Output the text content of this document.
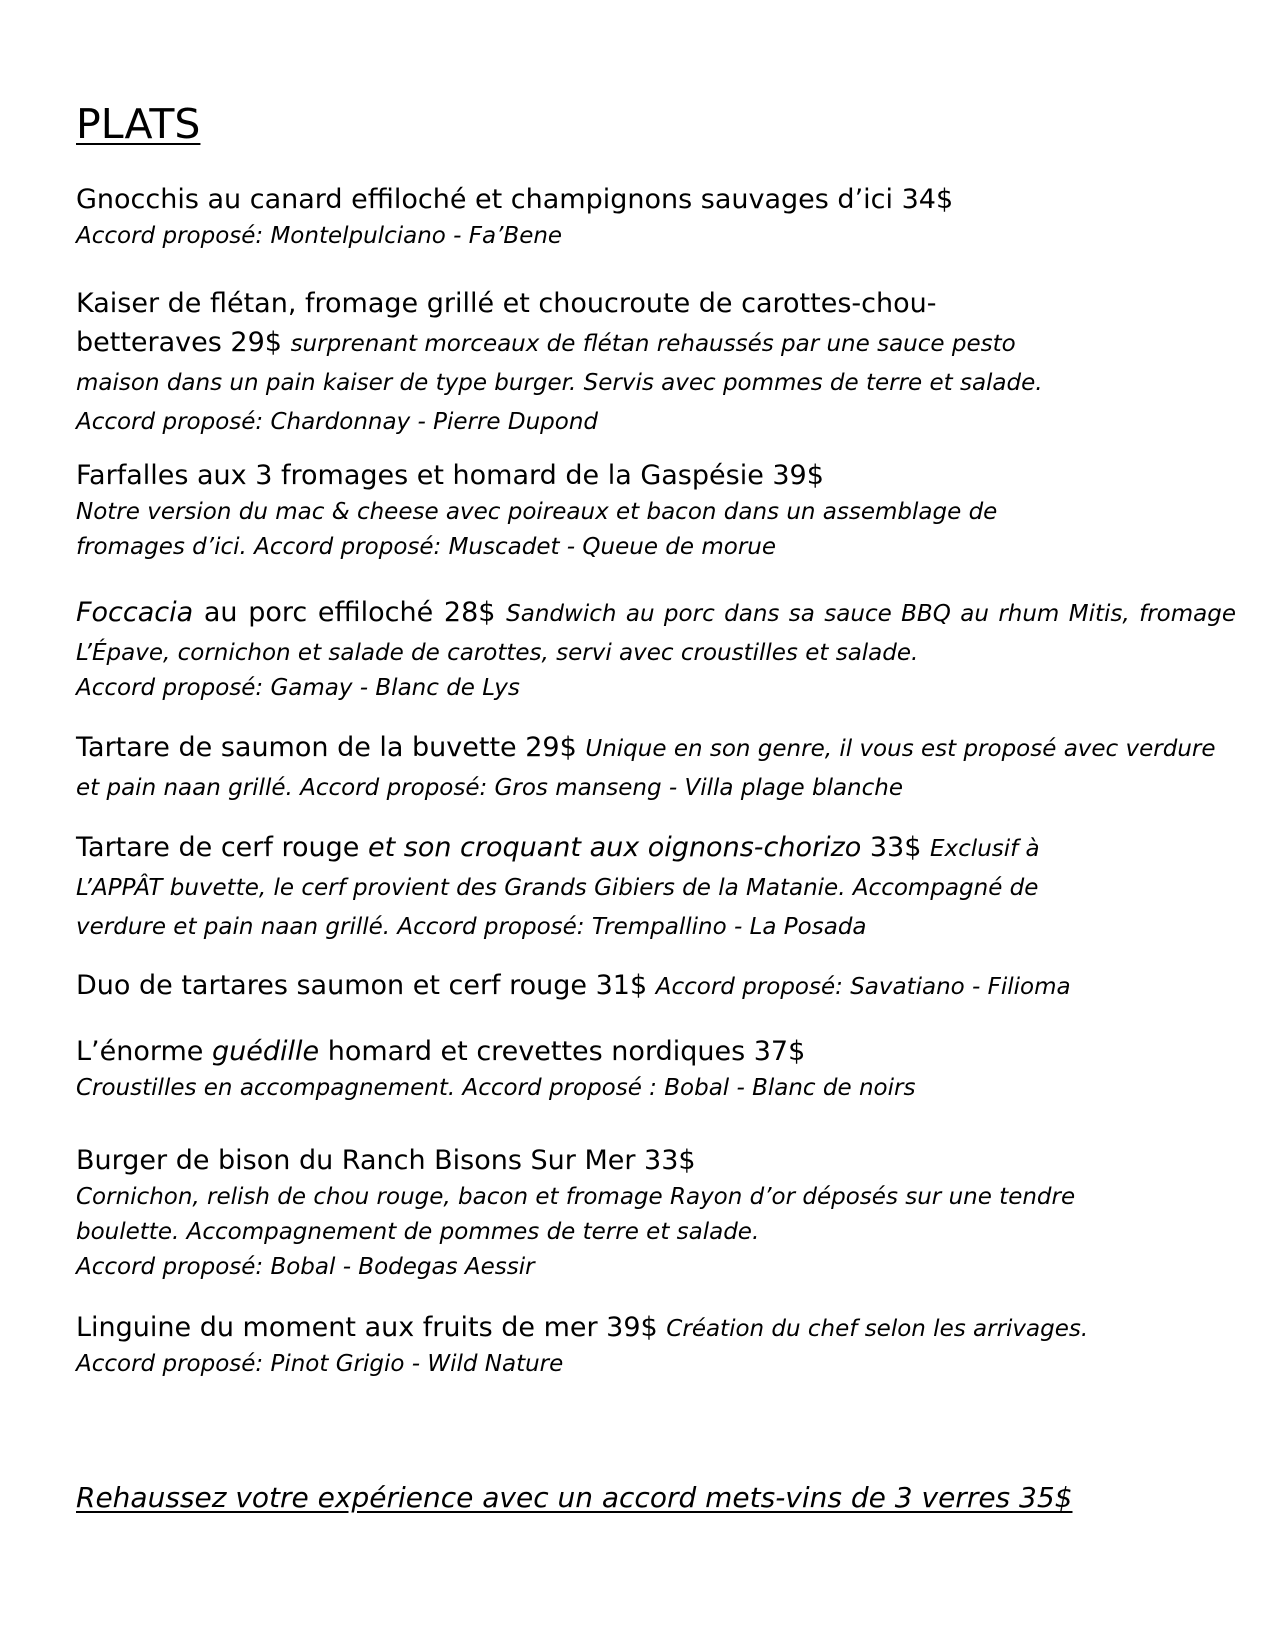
PLATS
Gnocchis au canard effiloché et champignons sauvages d’ici 34$
Accord proposé: Montelpulciano - Fa’Bene
Kaiser de flétan, fromage grillé et choucroute de carottes-chou-betteraves 29$ surprenant morceaux de flétan rehaussés par une sauce pesto maison dans un pain kaiser de type burger. Servis avec pommes de terre et salade. Accord proposé: Chardonnay - Pierre Dupond
Farfalles aux 3 fromages et homard de la Gaspésie 39$
Notre version du mac & cheese avec poireaux et bacon dans un assemblage de fromages d’ici. Accord proposé: Muscadet - Queue de morue
Foccacia au porc effiloché 28$ Sandwich au porc dans sa sauce BBQ au rhum Mitis, fromage L’Épave, cornichon et salade de carottes, servi avec croustilles et salade.
Accord proposé: Gamay - Blanc de Lys
Tartare de saumon de la buvette 29$ Unique en son genre, il vous est proposé avec verdure et pain naan grillé. Accord proposé: Gros manseng - Villa plage blanche
Tartare de cerf rouge et son croquant aux oignons-chorizo 33$ Exclusif à L’APPÂT buvette, le cerf provient des Grands Gibiers de la Matanie. Accompagné de verdure et pain naan grillé. Accord proposé: Trempallino - La Posada
Duo de tartares saumon et cerf rouge 31$ Accord proposé: Savatiano - Filioma
L’énorme guédille homard et crevettes nordiques 37$
Croustilles en accompagnement. Accord proposé : Bobal - Blanc de noirs
Burger de bison du Ranch Bisons Sur Mer 33$
Cornichon, relish de chou rouge, bacon et fromage Rayon d’or déposés sur une tendre boulette. Accompagnement de pommes de terre et salade.
Accord proposé: Bobal - Bodegas Aessir
Linguine du moment aux fruits de mer 39$ Création du chef selon les arrivages.
Accord proposé: Pinot Grigio - Wild Nature

Rehaussez votre expérience avec un accord mets-vins de 3 verres 35$
